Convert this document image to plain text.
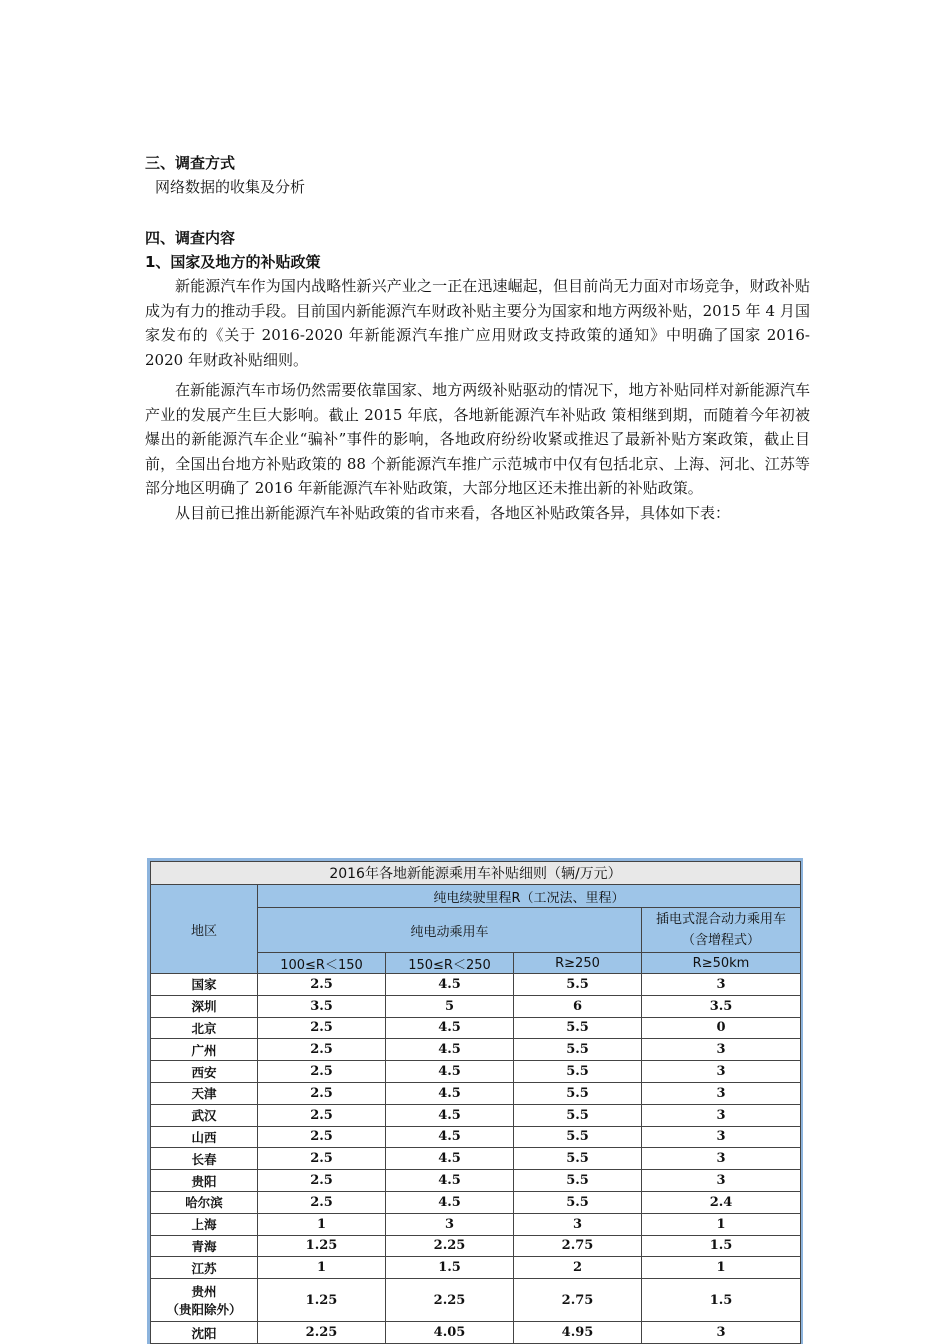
三、调查方式

网络数据的收集及分析

四、调查内容

1、国家及地方的补贴政策

新能源汽车作为国内战略性新兴产业之一正在迅速崛起，但目前尚无力面对市场竞争，财政补贴成为有力的推动手段。目前国内新能源汽车财政补贴主要分为国家和地方两级补贴，2015 年 4 月国家发布的《关于 2016-2020 年新能源汽车推广应用财政支持政策的通知》中明确了国家 2016-2020 年财政补贴细则。

在新能源汽车市场仍然需要依靠国家、地方两级补贴驱动的情况下，地方补贴同样对新能源汽车产业的发展产生巨大影响。截止 2015 年底，各地新能源汽车补贴政 策相继到期，而随着今年初被爆出的新能源汽车企业“骗补”事件的影响，各地政府纷纷收紧或推迟了最新补贴方案政策，截止目前，全国出台地方补贴政策的 88 个新能源汽车推广示范城市中仅有包括北京、上海、河北、江苏等部分地区明确了 2016 年新能源汽车补贴政策，大部分地区还未推出新的补贴政策。

从目前已推出新能源汽车补贴政策的省市来看，各地区补贴政策各异，具体如下表：

2016年各地新能源乘用车补贴细则（辆/万元）				
地区	纯电续驶里程R（工况法、里程）			
	纯电动乘用车			插电式混合动力乘用车
（含增程式）

	100≤R＜150	150≤R＜250	R≥250	R≥50km

国家	2.5	4.5	5.5	3

深圳	3.5	5	6	3.5

北京	2.5	4.5	5.5	0

广州	2.5	4.5	5.5	3

西安	2.5	4.5	5.5	3

天津	2.5	4.5	5.5	3

武汉	2.5	4.5	5.5	3

山西	2.5	4.5	5.5	3

长春	2.5	4.5	5.5	3

贵阳	2.5	4.5	5.5	3

哈尔滨	2.5	4.5	5.5	2.4

上海	1	3	3	1

青海	1.25	2.25	2.75	1.5

江苏	1	1.5	2	1

贵州
（贵阳除外）	1.25	2.25	2.75	1.5

沈阳	2.25	4.05	4.95	3
